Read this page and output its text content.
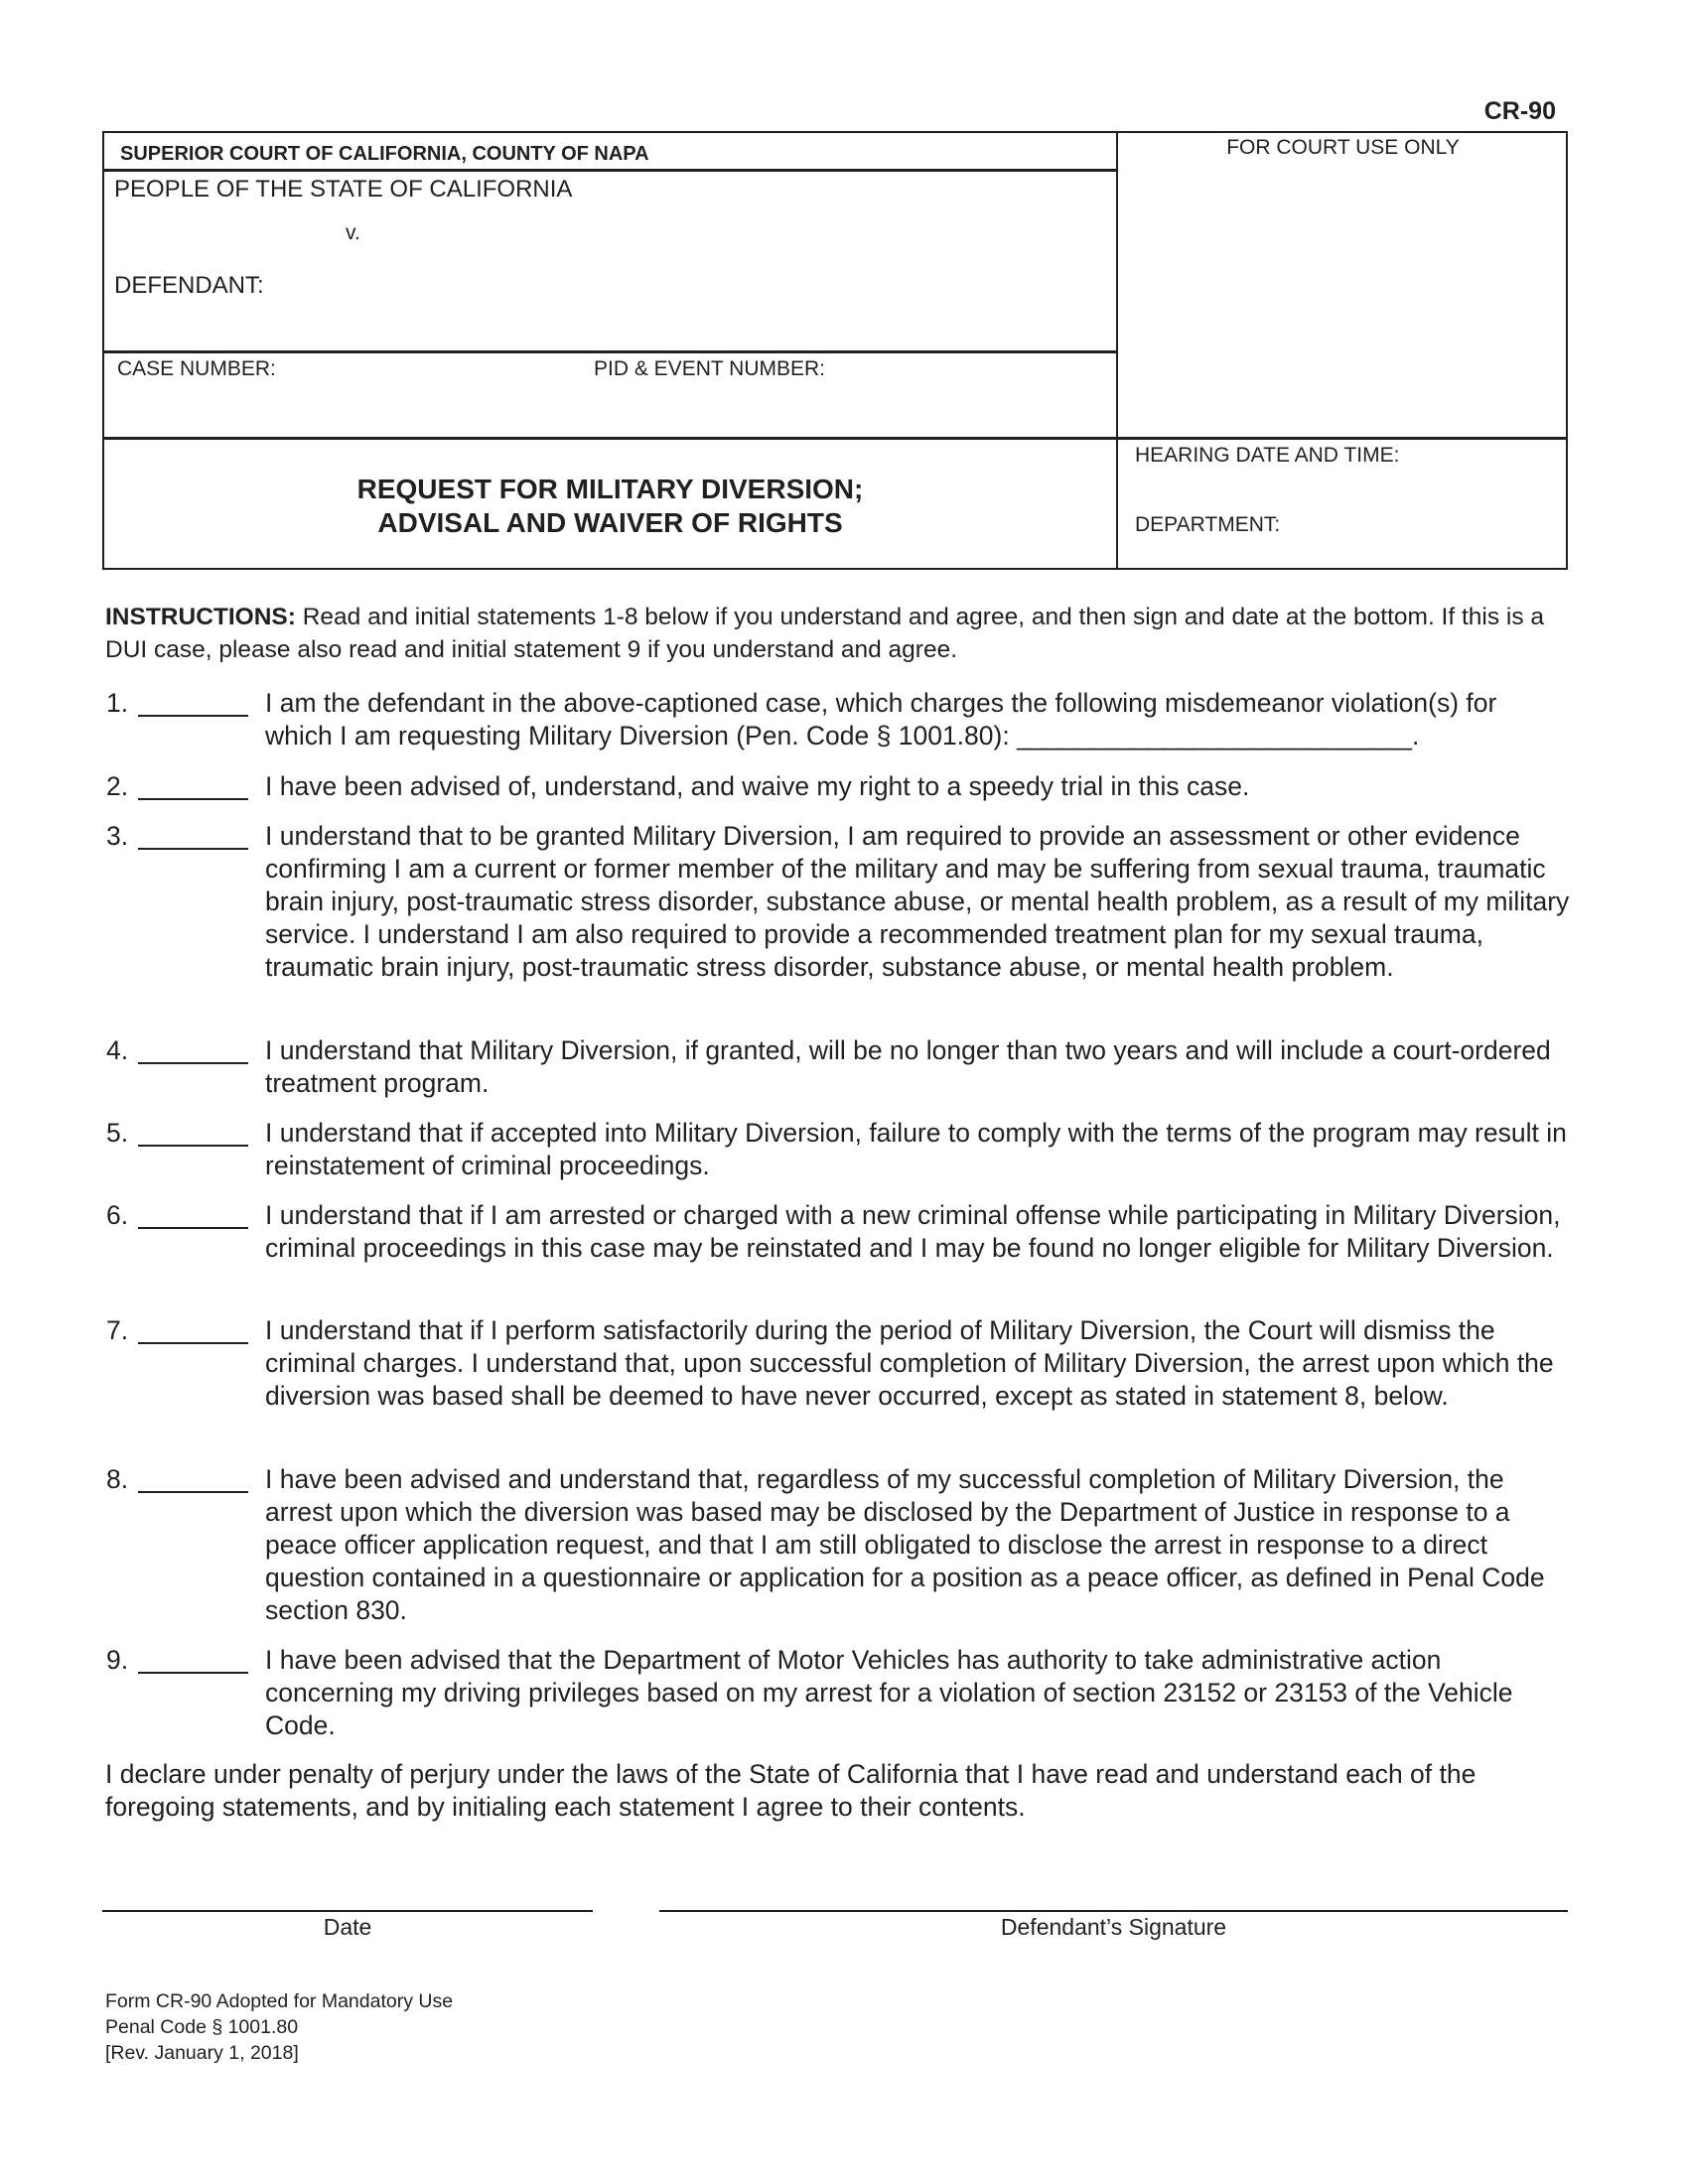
CR-90
SUPERIOR COURT OF CALIFORNIA, COUNTY OF NAPA
PEOPLE OF THE STATE OF CALIFORNIA
v.
DEFENDANT:
CASE NUMBER:	PID & EVENT NUMBER:
FOR COURT USE ONLY
REQUEST FOR MILITARY DIVERSION;
ADVISAL AND WAIVER OF RIGHTS
HEARING DATE AND TIME:
DEPARTMENT:
INSTRUCTIONS: Read and initial statements 1-8 below if you understand and agree, and then sign and date at the bottom. If this is a DUI case, please also read and initial statement 9 if you understand and agree.
1.	I am the defendant in the above-captioned case, which charges the following misdemeanor violation(s) for which I am requesting Military Diversion (Pen. Code § 1001.80): ___________________________.
2.	I have been advised of, understand, and waive my right to a speedy trial in this case.
3.	I understand that to be granted Military Diversion, I am required to provide an assessment or other evidence confirming I am a current or former member of the military and may be suffering from sexual trauma, traumatic brain injury, post-traumatic stress disorder, substance abuse, or mental health problem, as a result of my military service. I understand I am also required to provide a recommended treatment plan for my sexual trauma, traumatic brain injury, post-traumatic stress disorder, substance abuse, or mental health problem.
4.	I understand that Military Diversion, if granted, will be no longer than two years and will include a court-ordered treatment program.
5.	I understand that if accepted into Military Diversion, failure to comply with the terms of the program may result in reinstatement of criminal proceedings.
6.	I understand that if I am arrested or charged with a new criminal offense while participating in Military Diversion, criminal proceedings in this case may be reinstated and I may be found no longer eligible for Military Diversion.
7.	I understand that if I perform satisfactorily during the period of Military Diversion, the Court will dismiss the criminal charges. I understand that, upon successful completion of Military Diversion, the arrest upon which the diversion was based shall be deemed to have never occurred, except as stated in statement 8, below.
8.	I have been advised and understand that, regardless of my successful completion of Military Diversion, the arrest upon which the diversion was based may be disclosed by the Department of Justice in response to a peace officer application request, and that I am still obligated to disclose the arrest in response to a direct question contained in a questionnaire or application for a position as a peace officer, as defined in Penal Code section 830.
9.	I have been advised that the Department of Motor Vehicles has authority to take administrative action concerning my driving privileges based on my arrest for a violation of section 23152 or 23153 of the Vehicle Code.
I declare under penalty of perjury under the laws of the State of California that I have read and understand each of the foregoing statements, and by initialing each statement I agree to their contents.
Date	Defendant’s Signature
Form CR-90 Adopted for Mandatory Use
Penal Code § 1001.80
[Rev. January 1, 2018]
